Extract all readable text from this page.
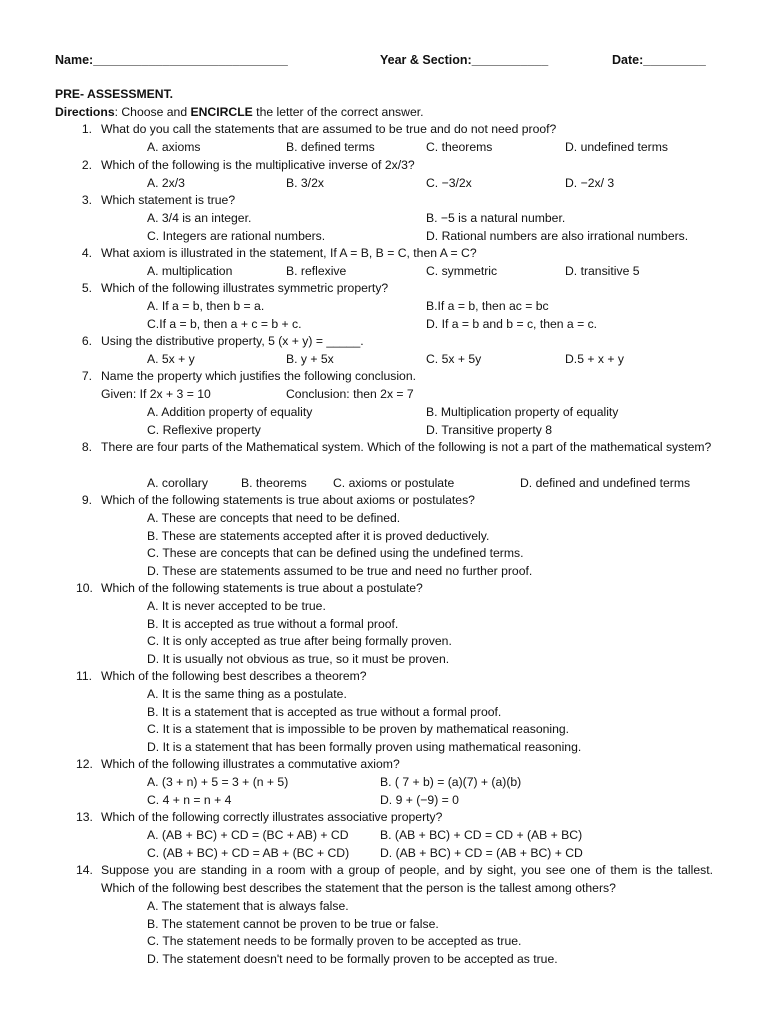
Name:____________________________	Year & Section:___________	Date:_________
PRE- ASSESSMENT.
Directions: Choose and ENCIRCLE the letter of the correct answer.
1. What do you call the statements that are assumed to be true and do not need proof?
A. axioms	B. defined terms	C. theorems	D. undefined terms
2. Which of the following is the multiplicative inverse of 2x/3?
A. 2x/3	B. 3/2x	C. −3/2x	D. −2x/ 3
3. Which statement is true?
A. 3/4 is an integer.	B. −5 is a natural number.
C. Integers are rational numbers.	D. Rational numbers are also irrational numbers.
4. What axiom is illustrated in the statement, If A = B, B = C, then A = C?
A. multiplication	B. reflexive	C. symmetric	D. transitive 5
5. Which of the following illustrates symmetric property?
A. If a = b, then b = a.	B.If a = b, then ac = bc
C.If a = b, then a + c = b + c.	D. If a = b and b = c, then a = c.
6. Using the distributive property, 5 (x + y) = _____.
A. 5x + y	B. y + 5x	C. 5x + 5y	D.5 + x + y
7. Name the property which justifies the following conclusion.
Given: If 2x + 3 = 10	Conclusion: then 2x = 7
A. Addition property of equality	B. Multiplication property of equality
C. Reflexive property	D. Transitive property 8
8. There are four parts of the Mathematical system. Which of the following is not a part of the mathematical system?
A. corollary	B. theorems C. axioms or postulate	D. defined and undefined terms
9. Which of the following statements is true about axioms or postulates?
A. These are concepts that need to be defined.
B. These are statements accepted after it is proved deductively.
C. These are concepts that can be defined using the undefined terms.
D. These are statements assumed to be true and need no further proof.
10. Which of the following statements is true about a postulate?
A. It is never accepted to be true.
B. It is accepted as true without a formal proof.
C. It is only accepted as true after being formally proven.
D. It is usually not obvious as true, so it must be proven.
11. Which of the following best describes a theorem?
A. It is the same thing as a postulate.
B. It is a statement that is accepted as true without a formal proof.
C. It is a statement that is impossible to be proven by mathematical reasoning.
D. It is a statement that has been formally proven using mathematical reasoning.
12. Which of the following illustrates a commutative axiom?
A. (3 + n) + 5 = 3 + (n + 5)	B. ( 7 + b) = (a)(7) + (a)(b)
C. 4 + n = n + 4	D. 9 + (−9) = 0
13. Which of the following correctly illustrates associative property?
A. (AB + BC) + CD = (BC + AB) + CD	B. (AB + BC) + CD = CD + (AB + BC)
C. (AB + BC) + CD = AB + (BC + CD)	D. (AB + BC) + CD = (AB + BC) + CD
14. Suppose you are standing in a room with a group of people, and by sight, you see one of them is the tallest. Which of the following best describes the statement that the person is the tallest among others?
A. The statement that is always false.
B. The statement cannot be proven to be true or false.
C. The statement needs to be formally proven to be accepted as true.
D. The statement doesn't need to be formally proven to be accepted as true.
